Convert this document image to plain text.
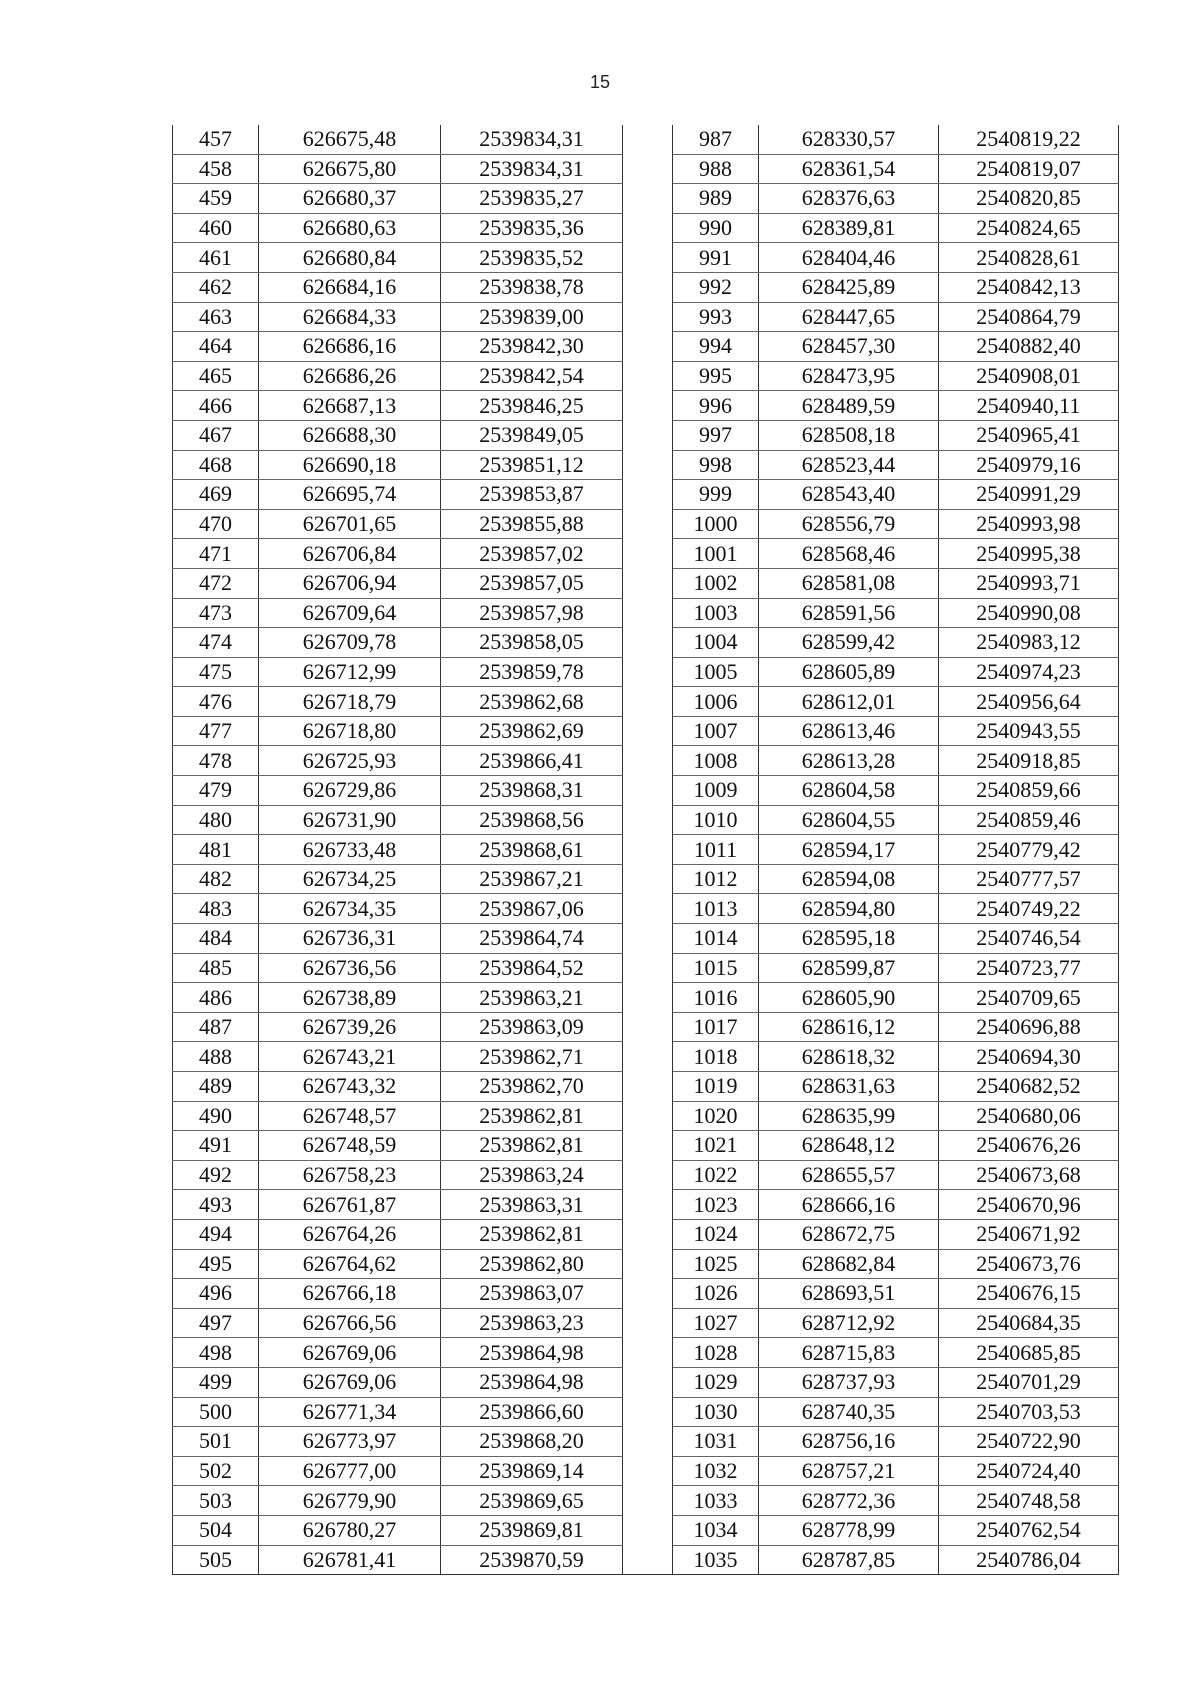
15
457	626675,48	2539834,31		987	628330,57	2540819,22
458	626675,80	2539834,31		988	628361,54	2540819,07
459	626680,37	2539835,27		989	628376,63	2540820,85
460	626680,63	2539835,36		990	628389,81	2540824,65
461	626680,84	2539835,52		991	628404,46	2540828,61
462	626684,16	2539838,78		992	628425,89	2540842,13
463	626684,33	2539839,00		993	628447,65	2540864,79
464	626686,16	2539842,30		994	628457,30	2540882,40
465	626686,26	2539842,54		995	628473,95	2540908,01
466	626687,13	2539846,25		996	628489,59	2540940,11
467	626688,30	2539849,05		997	628508,18	2540965,41
468	626690,18	2539851,12		998	628523,44	2540979,16
469	626695,74	2539853,87		999	628543,40	2540991,29
470	626701,65	2539855,88		1000	628556,79	2540993,98
471	626706,84	2539857,02		1001	628568,46	2540995,38
472	626706,94	2539857,05		1002	628581,08	2540993,71
473	626709,64	2539857,98		1003	628591,56	2540990,08
474	626709,78	2539858,05		1004	628599,42	2540983,12
475	626712,99	2539859,78		1005	628605,89	2540974,23
476	626718,79	2539862,68		1006	628612,01	2540956,64
477	626718,80	2539862,69		1007	628613,46	2540943,55
478	626725,93	2539866,41		1008	628613,28	2540918,85
479	626729,86	2539868,31		1009	628604,58	2540859,66
480	626731,90	2539868,56		1010	628604,55	2540859,46
481	626733,48	2539868,61		1011	628594,17	2540779,42
482	626734,25	2539867,21		1012	628594,08	2540777,57
483	626734,35	2539867,06		1013	628594,80	2540749,22
484	626736,31	2539864,74		1014	628595,18	2540746,54
485	626736,56	2539864,52		1015	628599,87	2540723,77
486	626738,89	2539863,21		1016	628605,90	2540709,65
487	626739,26	2539863,09		1017	628616,12	2540696,88
488	626743,21	2539862,71		1018	628618,32	2540694,30
489	626743,32	2539862,70		1019	628631,63	2540682,52
490	626748,57	2539862,81		1020	628635,99	2540680,06
491	626748,59	2539862,81		1021	628648,12	2540676,26
492	626758,23	2539863,24		1022	628655,57	2540673,68
493	626761,87	2539863,31		1023	628666,16	2540670,96
494	626764,26	2539862,81		1024	628672,75	2540671,92
495	626764,62	2539862,80		1025	628682,84	2540673,76
496	626766,18	2539863,07		1026	628693,51	2540676,15
497	626766,56	2539863,23		1027	628712,92	2540684,35
498	626769,06	2539864,98		1028	628715,83	2540685,85
499	626769,06	2539864,98		1029	628737,93	2540701,29
500	626771,34	2539866,60		1030	628740,35	2540703,53
501	626773,97	2539868,20		1031	628756,16	2540722,90
502	626777,00	2539869,14		1032	628757,21	2540724,40
503	626779,90	2539869,65		1033	628772,36	2540748,58
504	626780,27	2539869,81		1034	628778,99	2540762,54
505	626781,41	2539870,59		1035	628787,85	2540786,04
